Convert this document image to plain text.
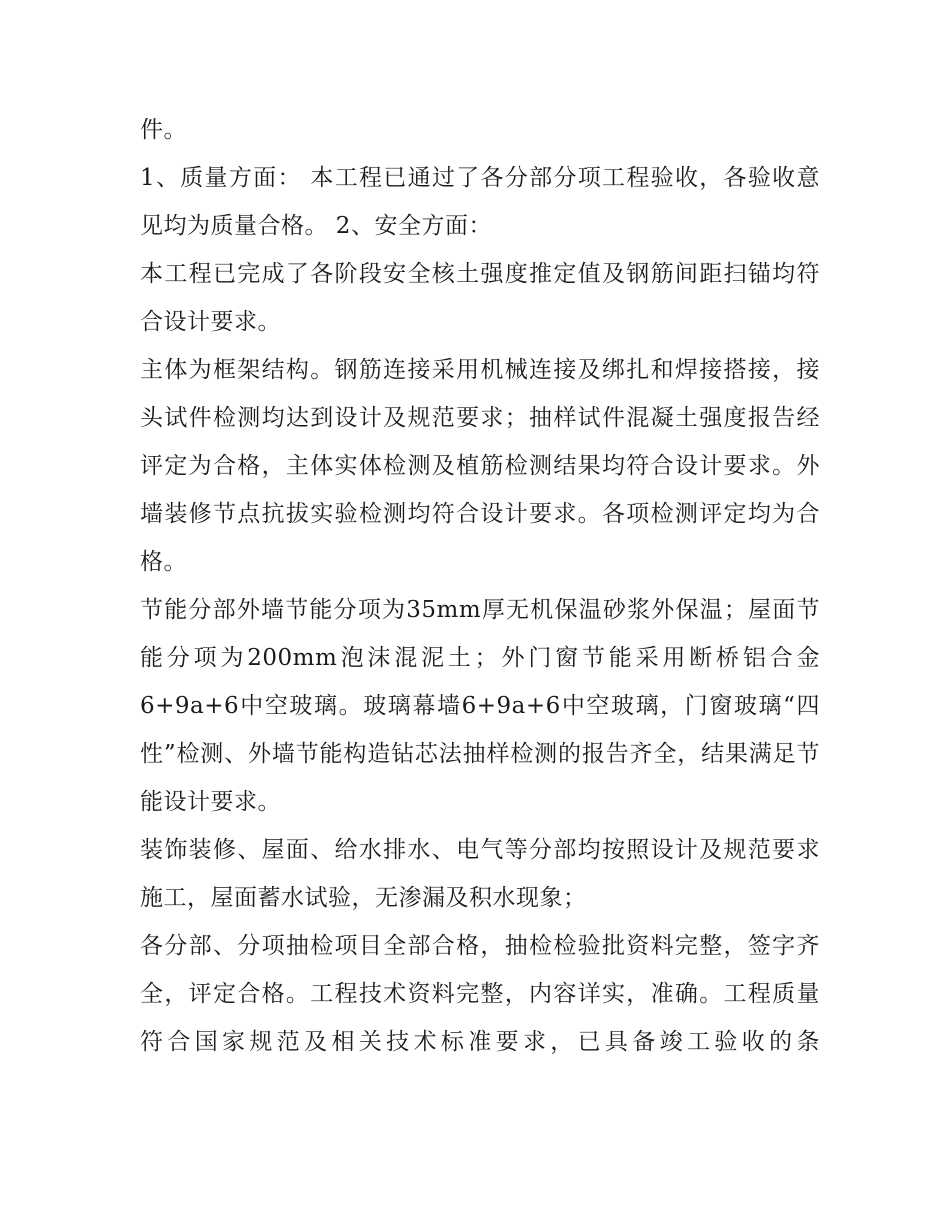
件。

1、质量方面： 本工程已通过了各分部分项工程验收，各验收意见均为质量合格。 2、安全方面：

本工程已完成了各阶段安全核土强度推定值及钢筋间距扫锚均符合设计要求。

主体为框架结构。钢筋连接采用机械连接及绑扎和焊接搭接，接头试件检测均达到设计及规范要求；抽样试件混凝土强度报告经评定为合格，主体实体检测及植筋检测结果均符合设计要求。外墙装修节点抗拔实验检测均符合设计要求。各项检测评定均为合格。

节能分部外墙节能分项为35mm厚无机保温砂浆外保温；屋面节能分项为200mm泡沫混泥土；外门窗节能采用断桥铝合金6+9a+6中空玻璃。玻璃幕墙6+9a+6中空玻璃，门窗玻璃“四性”检测、外墙节能构造钻芯法抽样检测的报告齐全，结果满足节能设计要求。

装饰装修、屋面、给水排水、电气等分部均按照设计及规范要求施工，屋面蓄水试验，无渗漏及积水现象；

各分部、分项抽检项目全部合格，抽检检验批资料完整，签字齐全，评定合格。工程技术资料完整，内容详实，准确。工程质量符合国家规范及相关技术标准要求，已具备竣工验收的条
